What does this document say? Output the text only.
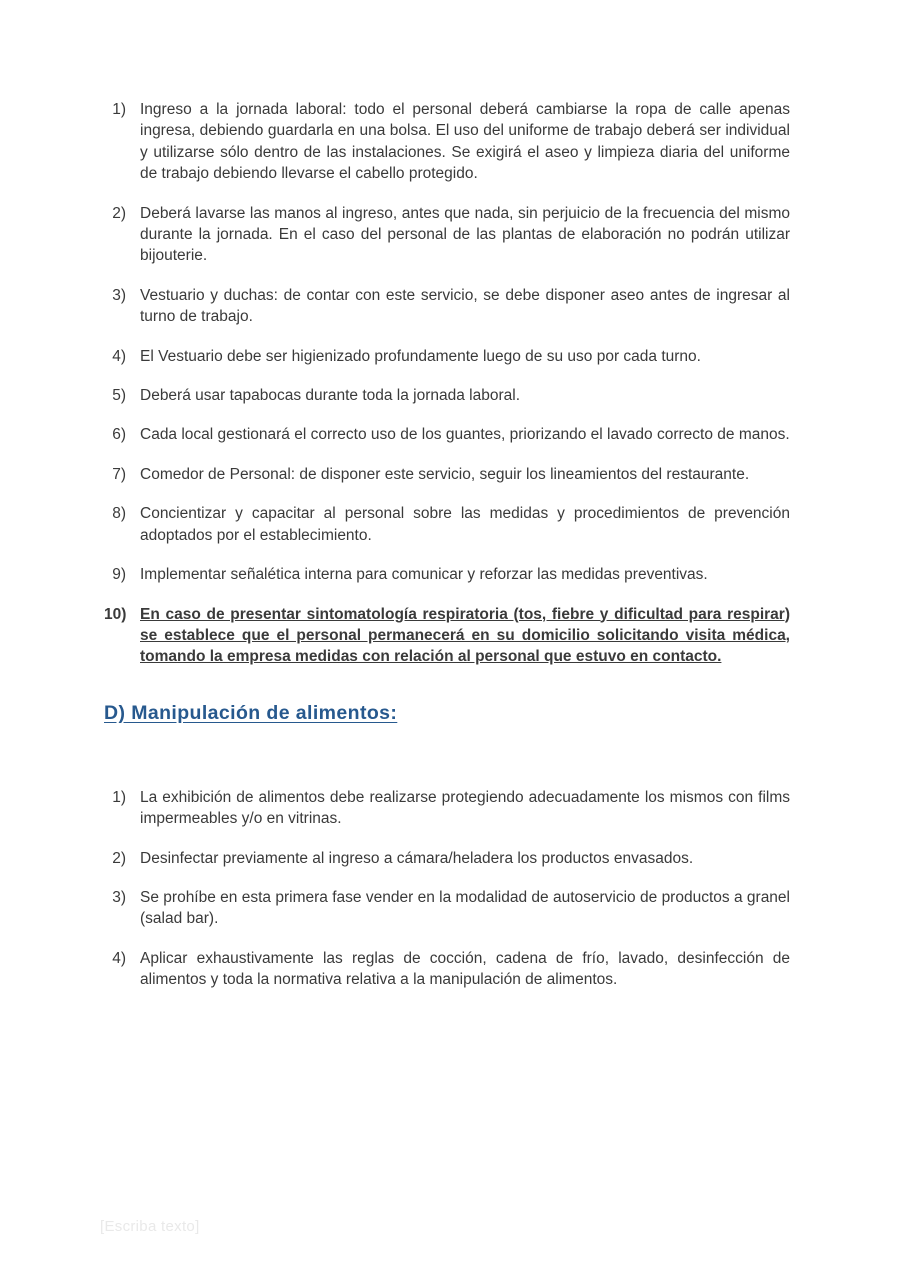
1) Ingreso a la jornada laboral: todo el personal deberá cambiarse la ropa de calle apenas ingresa, debiendo guardarla en una bolsa. El uso del uniforme de trabajo deberá ser individual y utilizarse sólo dentro de las instalaciones. Se exigirá el aseo y limpieza diaria del uniforme de trabajo debiendo llevarse el cabello protegido.
2) Deberá lavarse las manos al ingreso, antes que nada, sin perjuicio de la frecuencia del mismo durante la jornada. En el caso del personal de las plantas de elaboración no podrán utilizar bijouterie.
3) Vestuario y duchas: de contar con este servicio, se debe disponer aseo antes de ingresar al turno de trabajo.
4) El Vestuario debe ser higienizado profundamente luego de su uso por cada turno.
5) Deberá usar tapabocas durante toda la jornada laboral.
6) Cada local gestionará el correcto uso de los guantes, priorizando el lavado correcto de manos.
7) Comedor de Personal: de disponer este servicio, seguir los lineamientos del restaurante.
8) Concientizar y capacitar al personal sobre las medidas y procedimientos de prevención adoptados por el establecimiento.
9) Implementar señalética interna para comunicar y reforzar las medidas preventivas.
10) En caso de presentar sintomatología respiratoria (tos, fiebre y dificultad para respirar) se establece que el personal permanecerá en su domicilio solicitando visita médica, tomando la empresa medidas con relación al personal que estuvo en contacto.
D) Manipulación de alimentos:
1) La exhibición de alimentos debe realizarse protegiendo adecuadamente los mismos con films impermeables y/o en vitrinas.
2) Desinfectar previamente al ingreso a cámara/heladera los productos envasados.
3) Se prohíbe en esta primera fase vender en la modalidad de autoservicio de productos a granel (salad bar).
4) Aplicar exhaustivamente las reglas de cocción, cadena de frío, lavado, desinfección de alimentos y toda la normativa relativa a la manipulación de alimentos.
[Escriba texto]
